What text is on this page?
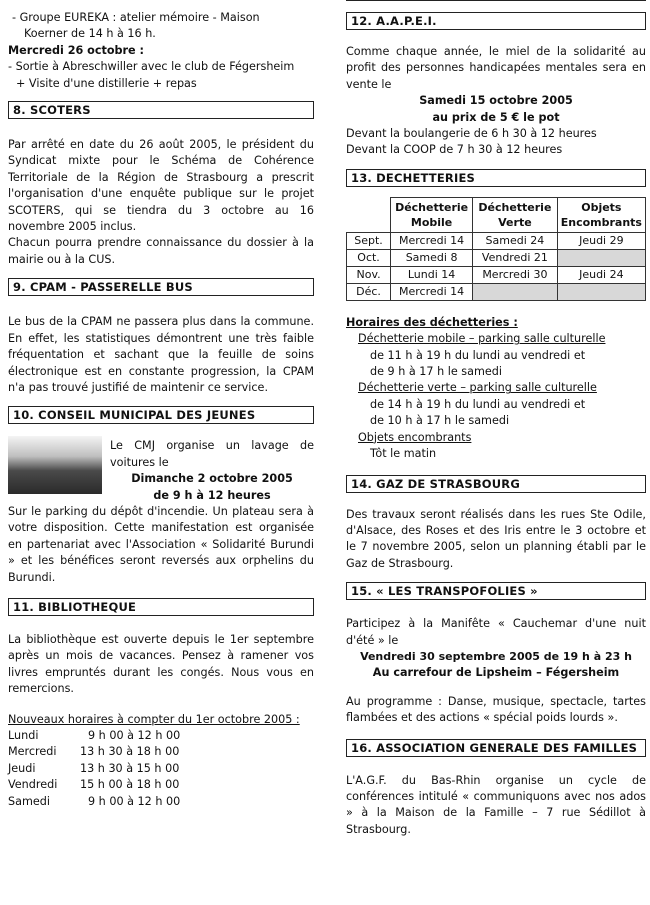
- Groupe EUREKA : atelier mémoire - Maison

Koerner de 14 h à 16 h.

Mercredi 26 octobre :

- Sortie à Abreschwiller avec le club de Fégersheim

+ Visite d'une distillerie + repas

8. SCOTERS

Par arrêté en date du 26 août 2005, le président du Syndicat mixte pour le Schéma de Cohérence Territoriale de la Région de Strasbourg a prescrit l'organisation d'une enquête publique sur le projet SCOTERS, qui se tiendra du 3 octobre au 16 novembre 2005 inclus.

Chacun pourra prendre connaissance du dossier à la mairie ou à la CUS.

9. CPAM - PASSERELLE BUS

Le bus de la CPAM ne passera plus dans la commune. En effet, les statistiques démontrent une très faible fréquentation et sachant que la feuille de soins électronique est en constante progression, la CPAM n'a pas trouvé justifié de maintenir ce service.

10. CONSEIL MUNICIPAL DES JEUNES

Le CMJ organise un lavage de voitures le

Dimanche 2 octobre 2005

de 9 h à 12 heures

Sur le parking du dépôt d'incendie. Un plateau sera à votre disposition. Cette manifestation est organisée en partenariat avec l'Association « Solidarité Burundi » et les bénéfices seront reversés aux orphelins du Burundi.

11. BIBLIOTHEQUE

La bibliothèque est ouverte depuis le 1er septembre après un mois de vacances. Pensez à ramener vos livres empruntés durant les congés. Nous vous en remercions.

Nouveaux horaires à compter du 1er octobre 2005 :

Lundi	9 h 00 à 12 h 00
Mercredi	13 h 30 à 18 h 00
Jeudi	13 h 30 à 15 h 00
Vendredi	15 h 00 à 18 h 00
Samedi	9 h 00 à 12 h 00
12. A.A.P.E.I.

Comme chaque année, le miel de la solidarité au profit des personnes handicapées mentales sera en vente le

Samedi 15 octobre 2005

au prix de 5 € le pot

Devant la boulangerie de 6 h 30 à 12 heures

Devant la COOP de 7 h 30 à 12 heures

13. DECHETTERIES
	Déchetterie Mobile	Déchetterie Verte	Objets Encombrants
Sept.	Mercredi 14	Samedi 24	Jeudi 29
Oct.	Samedi 8	Vendredi 21	
Nov.	Lundi 14	Mercredi 30	Jeudi 24
Déc.	Mercredi 14		

Horaires des déchetteries :

Déchetterie mobile – parking salle culturelle

de 11 h à 19 h du lundi au vendredi et

de 9 h à 17 h le samedi

Déchetterie verte – parking salle culturelle

de 14 h à 19 h du lundi au vendredi et

de 10 h à 17 h le samedi

Objets encombrants

Tôt le matin

14. GAZ DE STRASBOURG

Des travaux seront réalisés dans les rues Ste Odile, d'Alsace, des Roses et des Iris entre le 3 octobre et le 7 novembre 2005, selon un planning établi par le Gaz de Strasbourg.

15. « LES TRANSPOFOLIES »

Participez à la Manifête « Cauchemar d'une nuit d'été » le

Vendredi 30 septembre 2005 de 19 h à 23 h

Au carrefour de Lipsheim – Fégersheim

Au programme : Danse, musique, spectacle, tartes flambées et des actions « spécial poids lourds ».

16. ASSOCIATION GENERALE DES FAMILLES

L'A.G.F. du Bas-Rhin organise un cycle de conférences intitulé « communiquons avec nos ados » à la Maison de la Famille – 7 rue Sédillot à Strasbourg.
